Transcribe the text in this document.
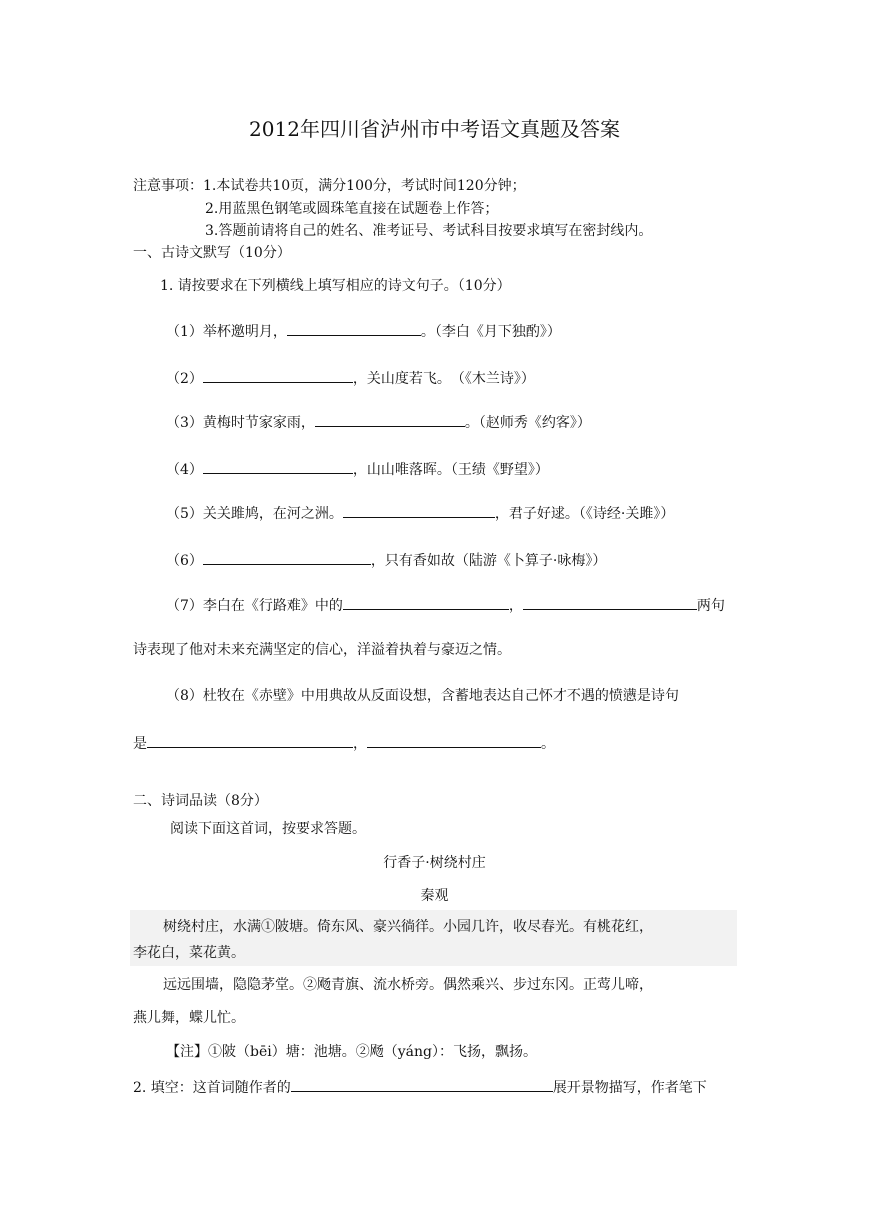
2012年四川省泸州市中考语文真题及答案
注意事项：1.本试卷共10页，满分100分，考试时间120分钟；
2.用蓝黑色钢笔或圆珠笔直接在试题卷上作答；
3.答题前请将自己的姓名、准考证号、考试科目按要求填写在密封线内。
一、古诗文默写（10分）
1. 请按要求在下列横线上填写相应的诗文句子。（10分）
（1）举杯邀明月，	。（李白《月下独酌》）
（2）	，关山度若飞。　（《木兰诗》）
（3）黄梅时节家家雨，	。（赵师秀《约客》）
（4）	，山山唯落晖。（王绩《野望》）
（5）关关雎鸠，在河之洲。	，君子好逑。（《诗经·关雎》）
（6）	，只有香如故（陆游《卜算子·咏梅》）
（7）李白在《行路难》中的	，	两句
诗表现了他对未来充满坚定的信心，洋溢着执着与豪迈之情。
（8）杜牧在《赤壁》中用典故从反面设想，含蓄地表达自己怀才不遇的愤懑是诗句
是	，	。
二、诗词品读（8分）
阅读下面这首词，按要求答题。
行香子·树绕村庄
秦观
树绕村庄，水满①陂塘。倚东风、豪兴徜徉。小园几许，收尽春光。有桃花红，
李花白，菜花黄。
远远围墙，隐隐茅堂。②飏青旗、流水桥旁。偶然乘兴、步过东冈。正莺儿啼，
燕儿舞，蝶儿忙。
【注】①陂（bēi）塘：池塘。②飏（yáng）：飞扬，飘扬。
2. 填空：这首词随作者的	展开景物描写，作者笔下
